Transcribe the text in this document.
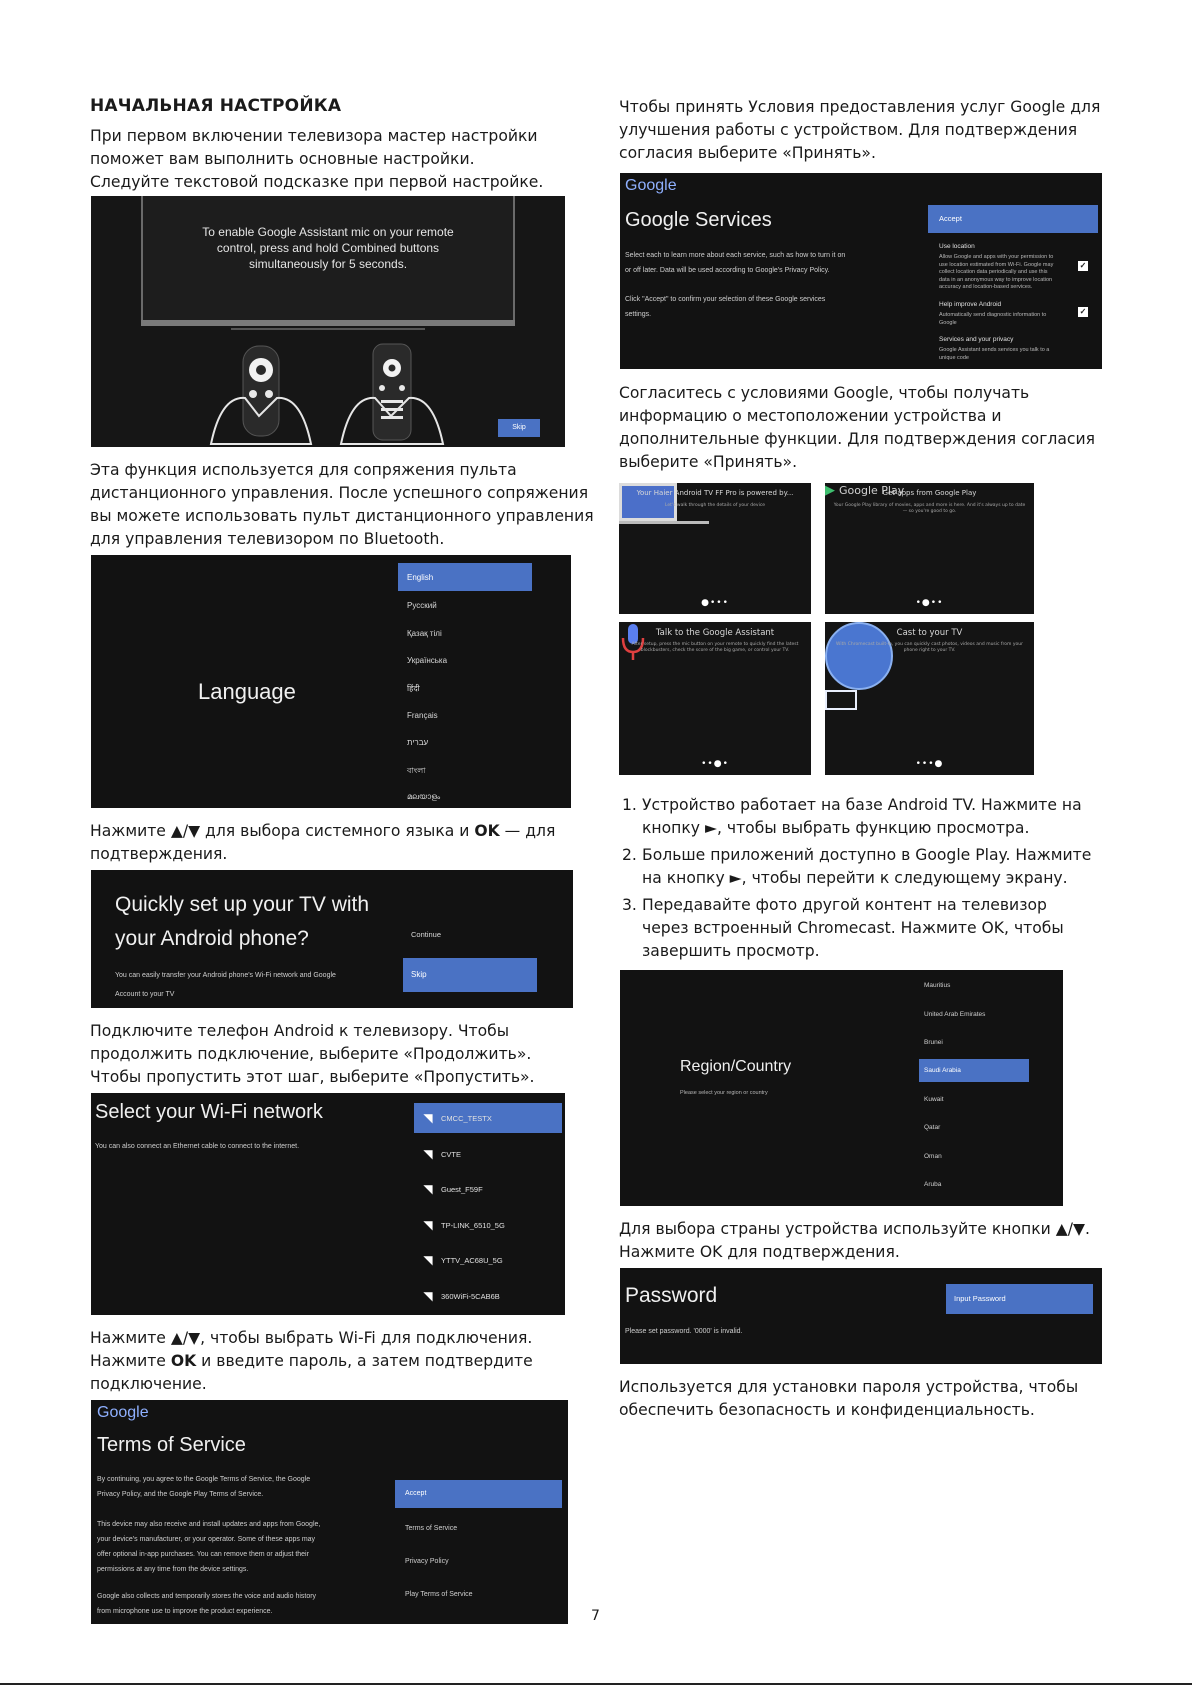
НАЧАЛЬНАЯ НАСТРОЙКА
При первом включении телевизора мастер настройки
поможет вам выполнить основные настройки.
Следуйте текстовой подсказке при первой настройке.
To enable Google Assistant mic on your remote
control, press and hold Combined buttons
simultaneously for 5 seconds.
Skip
Эта функция используется для сопряжения пульта
дистанционного управления. После успешного сопряжения
вы можете использовать пульт дистанционного управления
для управления телевизором по Bluetooth.
Language
English
Русский
Қазақ тілі
Українська
हिंदी
Français
עברית
বাংলা
മലയാളം
Нажмите ▲/▼ для выбора системного языка и OK — для
подтверждения.
Quickly set up your TV with
your Android phone?
You can easily transfer your Android phone's Wi-Fi network and Google
Account to your TV
Continue
Skip
Подключите телефон Android к телевизору. Чтобы
продолжить подключение, выберите «Продолжить».
Чтобы пропустить этот шаг, выберите «Пропустить».
Select your Wi-Fi network
You can also connect an Ethernet cable to connect to the internet.
◥	CMCC_TESTX
◥	CVTE
◥	Guest_F59F
◥	TP-LINK_6510_5G
◥	YTTV_AC68U_5G
◥	360WiFi-5CAB6B
Нажмите ▲/▼, чтобы выбрать Wi-Fi для подключения.
Нажмите OK и введите пароль, а затем подтвердите
подключение.
Google
Terms of Service
By continuing, you agree to the Google Terms of Service, the Google
Privacy Policy, and the Google Play Terms of Service.
This device may also receive and install updates and apps from Google,
your device's manufacturer, or your operator. Some of these apps may
offer optional in-app purchases. You can remove them or adjust their
permissions at any time from the device settings.
Google also collects and temporarily stores the voice and audio history
from microphone use to improve the product experience.
Accept
Terms of Service
Privacy Policy
Play Terms of Service
Чтобы принять Условия предоставления услуг Google для
улучшения работы с устройством. Для подтверждения
согласия выберите «Принять».
Google
Google Services
Select each to learn more about each service, such as how to turn it on
or off later. Data will be used according to Google's Privacy Policy.
Click "Accept" to confirm your selection of these Google services
settings.
Accept
Use location
Allow Google and apps with your permission to
use location estimated from Wi-Fi. Google may
collect location data periodically and use this
data in an anonymous way to improve location
accuracy and location-based services.
✓
Help improve Android
Automatically send diagnostic information to
Google
✓
Services and your privacy
Google Assistant sends services you talk to a
unique code
Согласитесь с условиями Google, чтобы получать
информацию о местоположении устройства и
дополнительные функции. Для подтверждения согласия
выберите «Принять».
Your Haier Android TV FF Pro is powered by...
Let's walk through the details of your device
●•••
Get apps from Google Play
Your Google Play library of movies, apps and more is here. And it's always up to date — so you're good to go.
▶ Google Play
•●••
Talk to the Google Assistant
After setup, press the mic button on your remote to quickly find the latest blockbusters, check the score of the big game, or control your TV.
••●•
Cast to your TV
With Chromecast built-in, you can quickly cast photos, videos and music from your phone right to your TV.
•••●
1. Устройство работает на базе Android TV. Нажмите на
кнопку ►, чтобы выбрать функцию просмотра.
2. Больше приложений доступно в Google Play. Нажмите
на кнопку ►, чтобы перейти к следующему экрану.
3. Передавайте фото другой контент на телевизор
через встроенный Chromecast. Нажмите OK, чтобы
завершить просмотр.
Region/Country
Please select your region or country
Mauritius
United Arab Emirates
Brunei
Saudi Arabia
Kuwait
Qatar
Oman
Aruba
Для выбора страны устройства используйте кнопки ▲/▼.
Нажмите OK для подтверждения.
Password
Please set password. '0000' is invalid.
Input Password
Используется для установки пароля устройства, чтобы
обеспечить безопасность и конфиденциальность.
7
